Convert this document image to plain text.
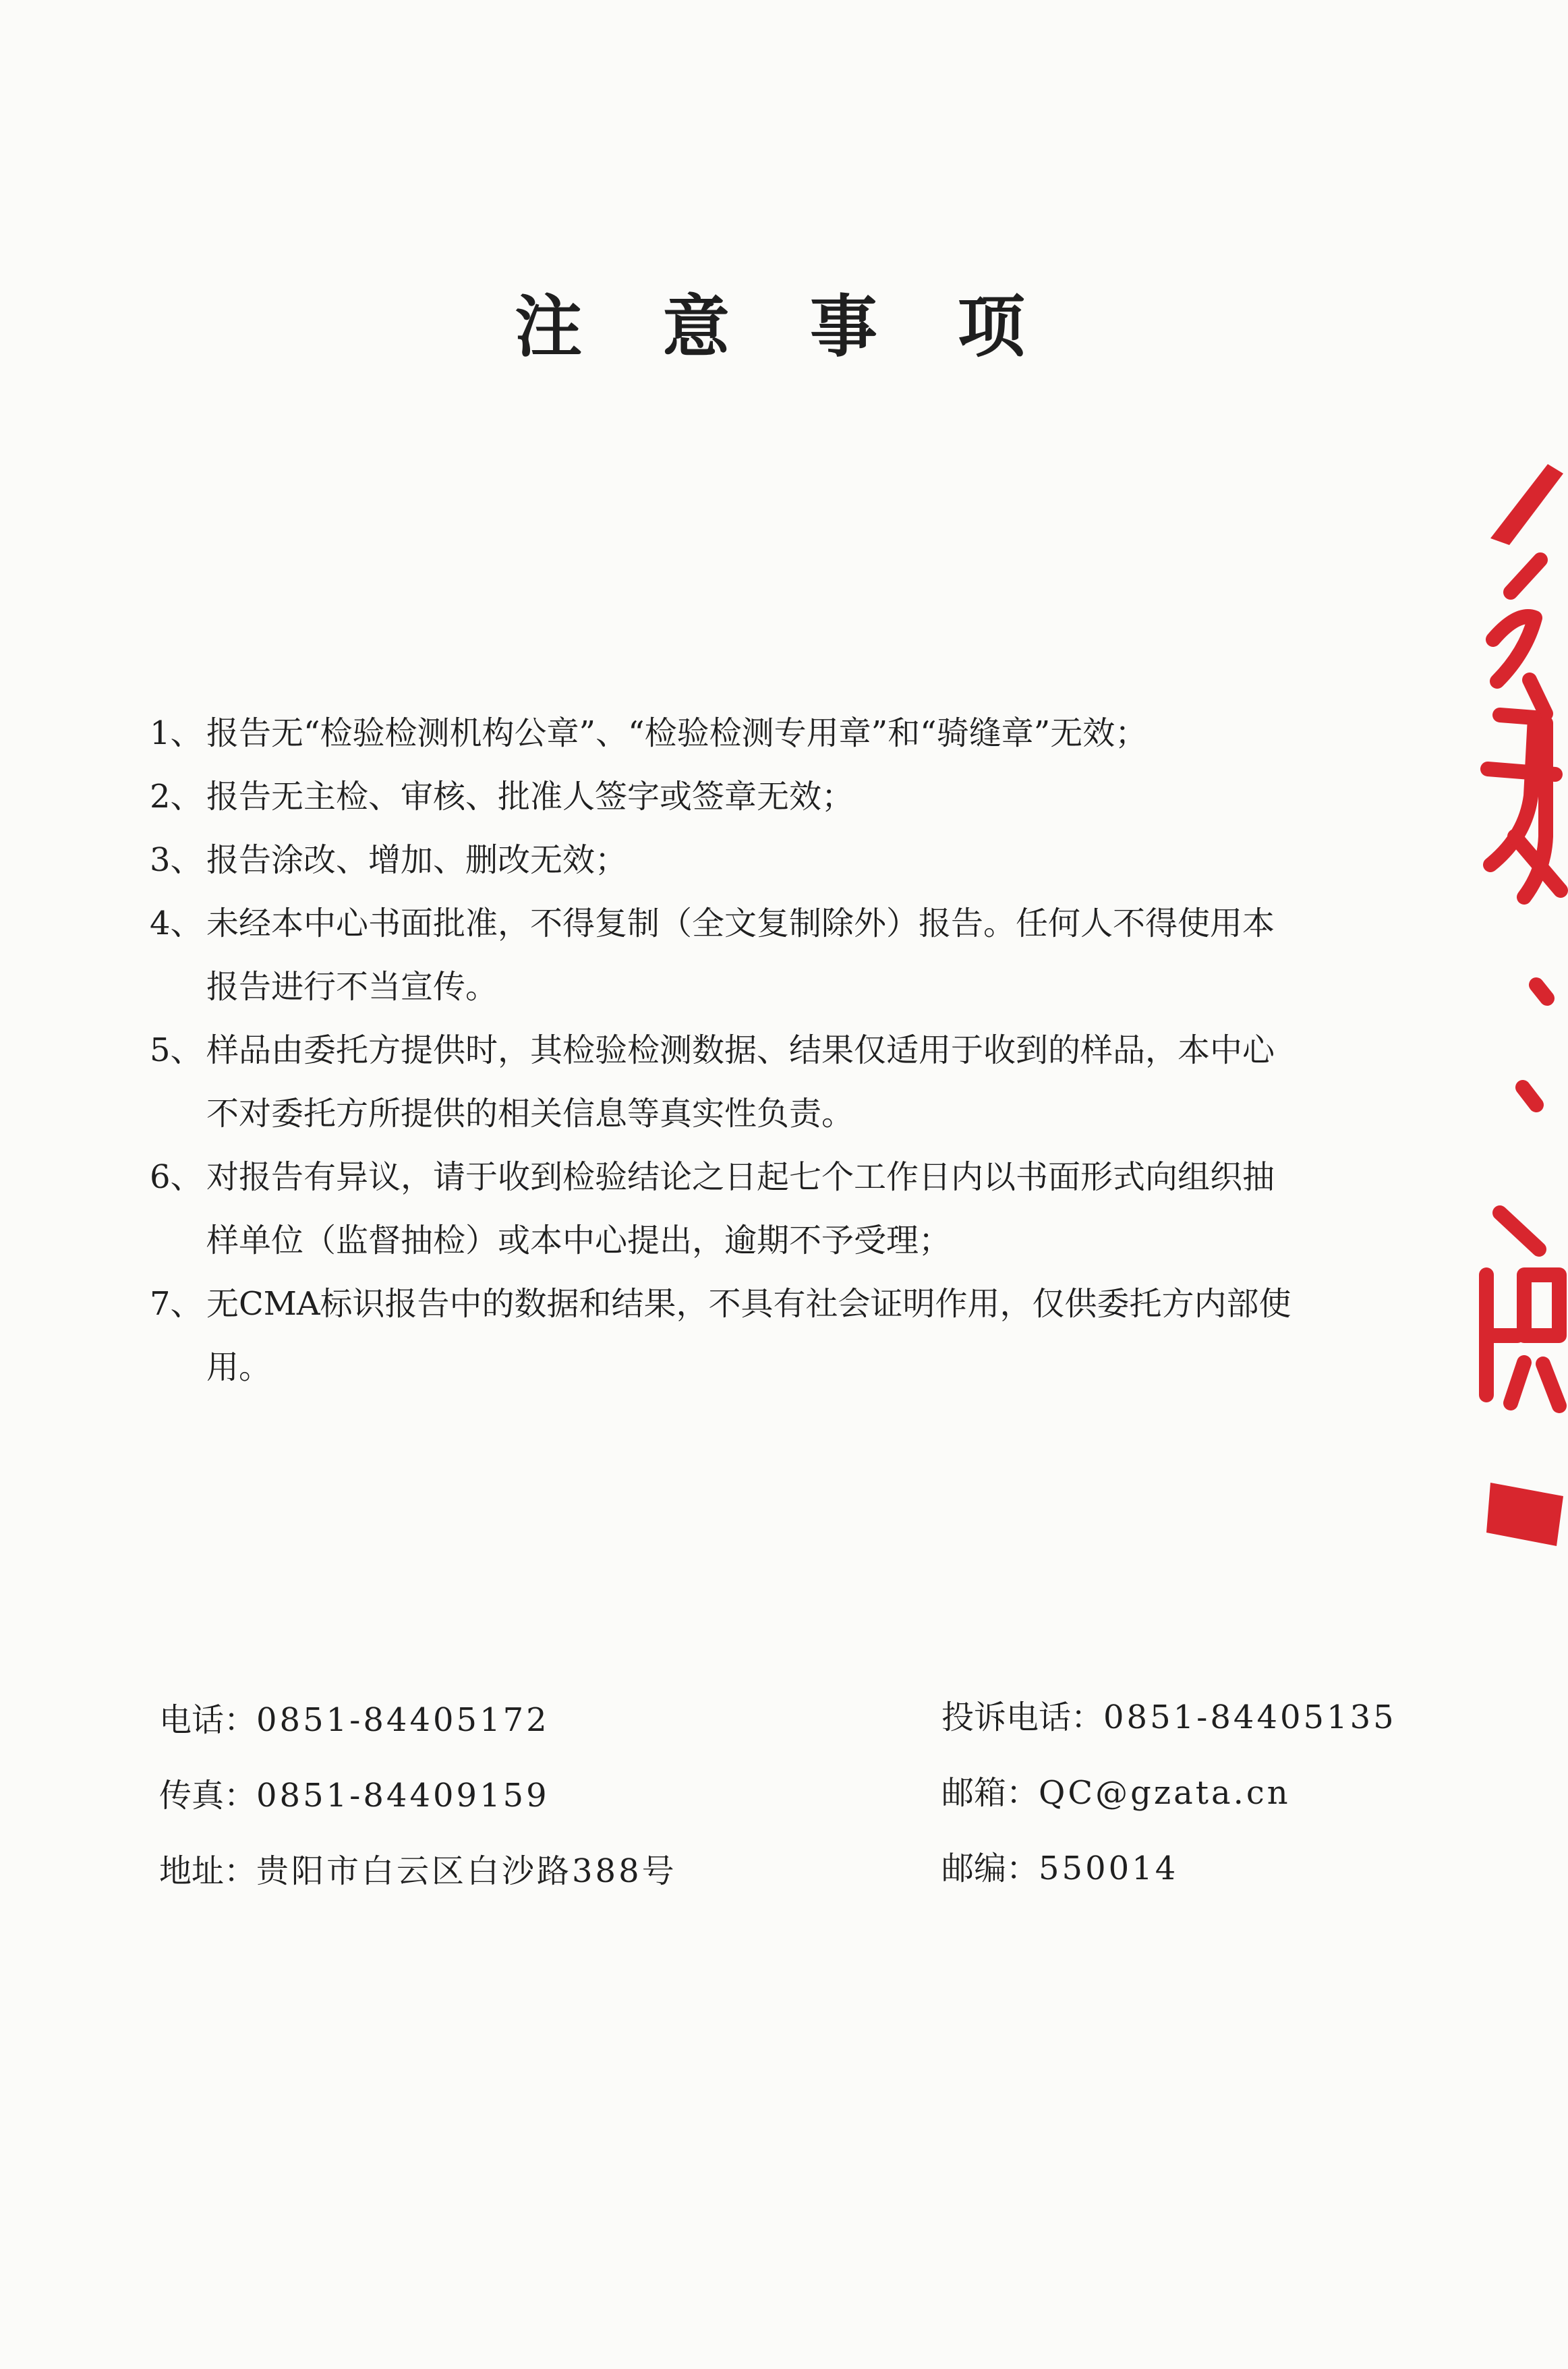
注 意 事 项
1、 报告无“检验检测机构公章”、“检验检测专用章”和“骑缝章”无效；
2、 报告无主检、审核、批准人签字或签章无效；
3、 报告涂改、增加、删改无效；
4、 未经本中心书面批准，不得复制（全文复制除外）报告。任何人不得使用本报告进行不当宣传。
5、 样品由委托方提供时，其检验检测数据、结果仅适用于收到的样品，本中心不对委托方所提供的相关信息等真实性负责。
6、 对报告有异议，请于收到检验结论之日起七个工作日内以书面形式向组织抽样单位（监督抽检）或本中心提出，逾期不予受理；
7、 无CMA标识报告中的数据和结果，不具有社会证明作用，仅供委托方内部使用。
电话：0851-84405172
传真：0851-84409159
地址：贵阳市白云区白沙路388号
投诉电话：0851-84405135
邮箱：QC@gzata.cn
邮编：550014
